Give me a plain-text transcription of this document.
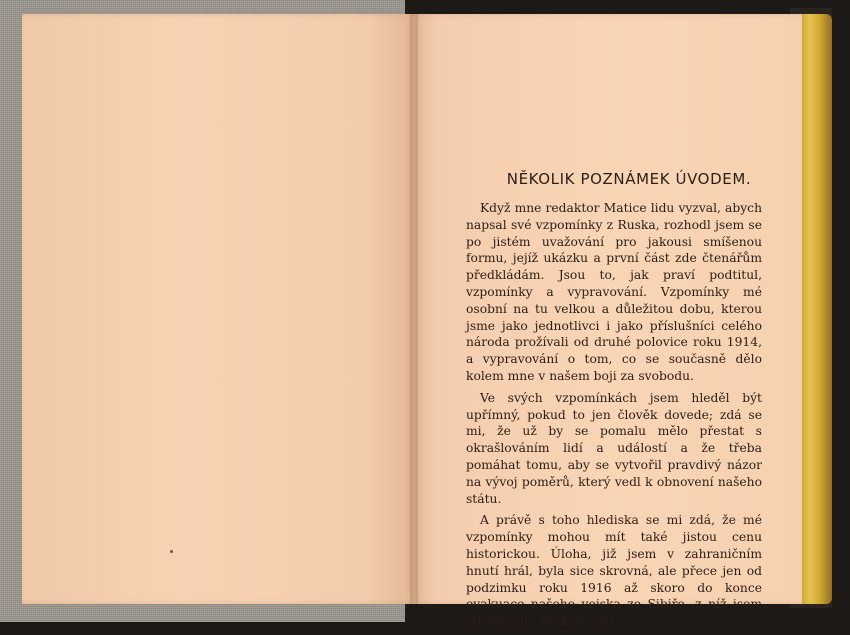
NĚKOLIK POZNÁMEK ÚVODEM.

Když mne redaktor Matice lidu vyzval, abych napsal své vzpomínky z Ruska, rozhodl jsem se po jistém uvažování pro jakousi smíšenou formu, jejíž ukázku a první část zde čtenářům předkládám. Jsou to, jak praví podtitul, vzpomínky a vypravování. Vzpomínky mé osobní na tu velkou a důležitou dobu, kterou jsme jako jednotlivci i jako příslušníci celého národa prožívali od druhé polovice roku 1914, a vypravování o tom, co se současně dělo kolem mne v našem boji za svobodu.

Ve svých vzpomínkách jsem hleděl být upřímný, pokud to jen člověk dovede; zdá se mi, že už by se pomalu mělo přestat s okrašlováním lidí a událostí a že třeba pomáhat tomu, aby se vytvořil pravdivý názor na vývoj poměrů, který vedl k obnovení našeho státu.

A právě s toho hlediska se mi zdá, že mé vzpomínky mohou mít také jistou cenu historickou. Úloha, již jsem v zahraničním hnutí hrál, byla sice skrovná, ale přece jen od podzimku roku 1916 až skoro do konce evakuace našeho vojska ze Sibiře, z níž jsem odejel s 12. plukem, byl
